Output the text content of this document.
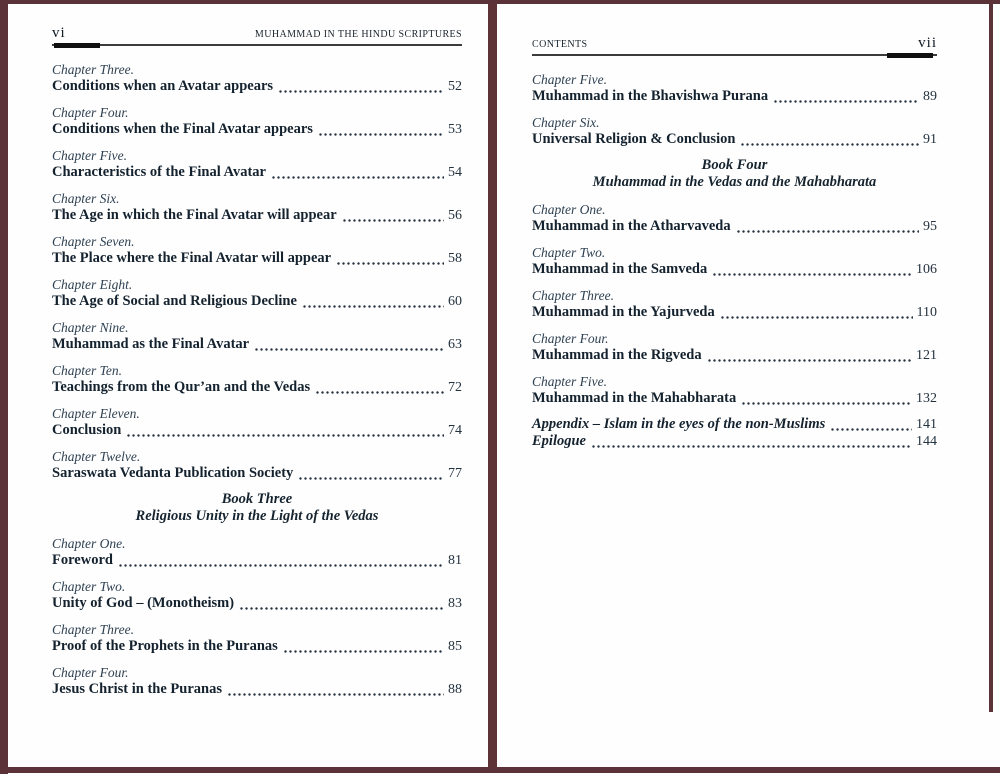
vi	MUHAMMAD IN THE HINDU SCRIPTURES
Chapter Three.
Conditions when an Avatar appears	52
Chapter Four.
Conditions when the Final Avatar appears	53
Chapter Five.
Characteristics of the Final Avatar	54
Chapter Six.
The Age in which the Final Avatar will appear	56
Chapter Seven.
The Place where the Final Avatar will appear	58
Chapter Eight.
The Age of Social and Religious Decline	60
Chapter Nine.
Muhammad as the Final Avatar	63
Chapter Ten.
Teachings from the Qur’an and the Vedas	72
Chapter Eleven.
Conclusion	74
Chapter Twelve.
Saraswata Vedanta Publication Society	77
Book Three
Religious Unity in the Light of the Vedas
Chapter One.
Foreword	81
Chapter Two.
Unity of God – (Monotheism)	83
Chapter Three.
Proof of the Prophets in the Puranas	85
Chapter Four.
Jesus Christ in the Puranas	88
CONTENTS	vii
Chapter Five.
Muhammad in the Bhavishwa Purana	89
Chapter Six.
Universal Religion & Conclusion	91
Book Four
Muhammad in the Vedas and the Mahabharata
Chapter One.
Muhammad in the Atharvaveda	95
Chapter Two.
Muhammad in the Samveda	106
Chapter Three.
Muhammad in the Yajurveda	110
Chapter Four.
Muhammad in the Rigveda	121
Chapter Five.
Muhammad in the Mahabharata	132
Appendix – Islam in the eyes of the non-Muslims	141
Epilogue	144
